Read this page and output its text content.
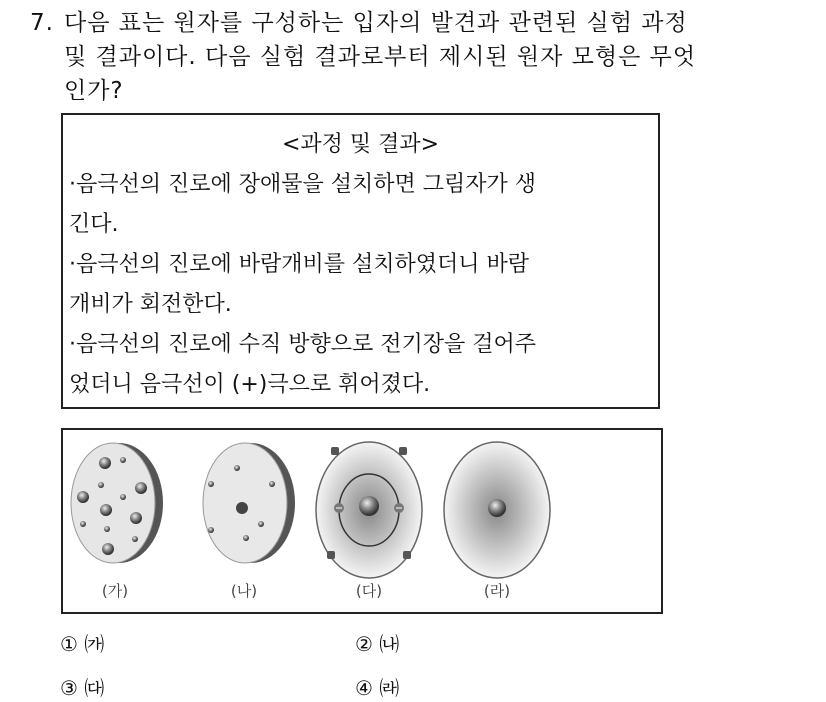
7. 다음 표는 원자를 구성하는 입자의 발견과 관련된 실험 과정
및 결과이다. 다음 실험 결과로부터 제시된 원자 모형은 무엇
인가?
<과정 및 결과>
·음극선의 진로에 장애물을 설치하면 그림자가 생
긴다.
·음극선의 진로에 바람개비를 설치하였더니 바람
개비가 회전한다.
·음극선의 진로에 수직 방향으로 전기장을 걸어주
었더니 음극선이 (+)극으로 휘어졌다.
(가)	(나)	(다)	(라)
① ㈎	② ㈏
③ ㈐	④ ㈑
